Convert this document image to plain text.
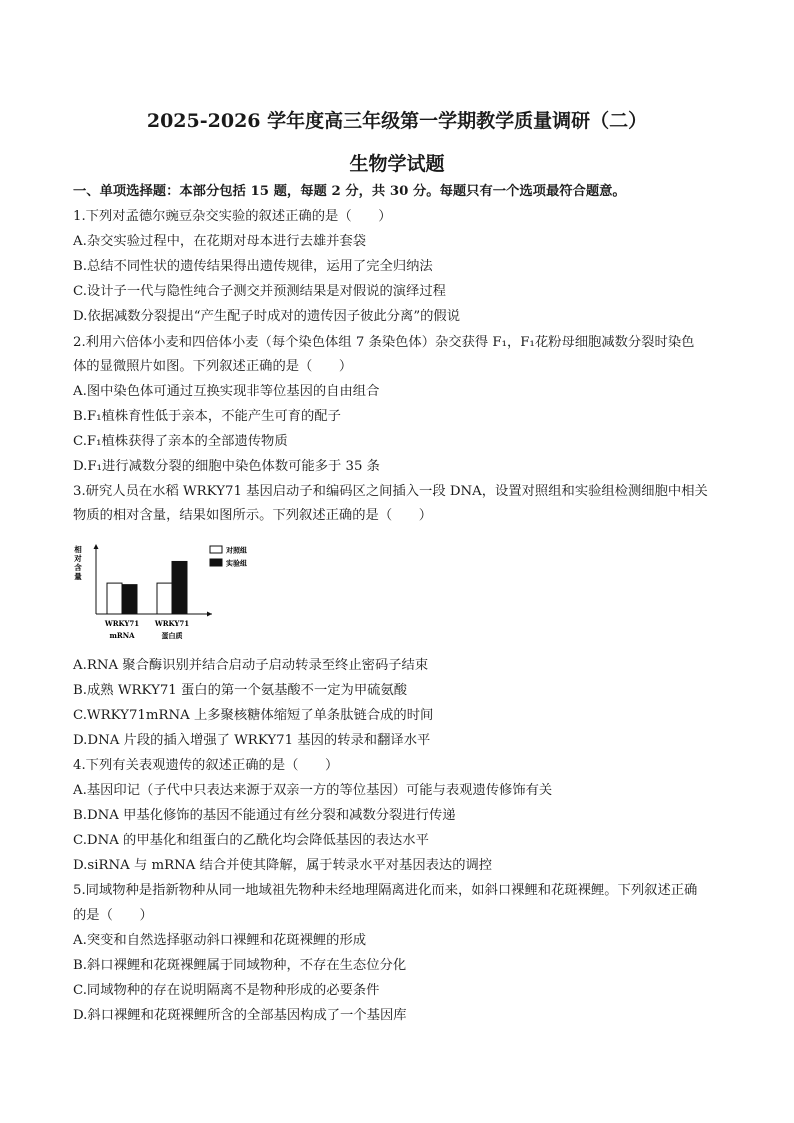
2025-2026 学年度高三年级第一学期教学质量调研（二）
生物学试题
一、单项选择题：本部分包括 15 题，每题 2 分，共 30 分。每题只有一个选项最符合题意。
1.下列对孟德尔豌豆杂交实验的叙述正确的是（　　）
A.杂交实验过程中，在花期对母本进行去雄并套袋
B.总结不同性状的遗传结果得出遗传规律，运用了完全归纳法
C.设计子一代与隐性纯合子测交并预测结果是对假说的演绎过程
D.依据减数分裂提出“产生配子时成对的遗传因子彼此分离”的假说
2.利用六倍体小麦和四倍体小麦（每个染色体组 7 条染色体）杂交获得 F₁，F₁花粉母细胞减数分裂时染色
体的显微照片如图。下列叙述正确的是（　　）
A.图中染色体可通过互换实现非等位基因的自由组合
B.F₁植株育性低于亲本，不能产生可育的配子
C.F₁植株获得了亲本的全部遗传物质
D.F₁进行减数分裂的细胞中染色体数可能多于 35 条
3.研究人员在水稻 WRKY71 基因启动子和编码区之间插入一段 DNA，设置对照组和实验组检测细胞中相关
物质的相对含量，结果如图所示。下列叙述正确的是（　　）
相
对
含
量
WRKY71
mRNA
WRKY71
蛋白质
对照组
实验组
A.RNA 聚合酶识别并结合启动子启动转录至终止密码子结束
B.成熟 WRKY71 蛋白的第一个氨基酸不一定为甲硫氨酸
C.WRKY71mRNA 上多聚核糖体缩短了单条肽链合成的时间
D.DNA 片段的插入增强了 WRKY71 基因的转录和翻译水平
4.下列有关表观遗传的叙述正确的是（　　）
A.基因印记（子代中只表达来源于双亲一方的等位基因）可能与表观遗传修饰有关
B.DNA 甲基化修饰的基因不能通过有丝分裂和减数分裂进行传递
C.DNA 的甲基化和组蛋白的乙酰化均会降低基因的表达水平
D.siRNA 与 mRNA 结合并使其降解，属于转录水平对基因表达的调控
5.同域物种是指新物种从同一地域祖先物种未经地理隔离进化而来，如斜口裸鲤和花斑裸鲤。下列叙述正确
的是（　　）
A.突变和自然选择驱动斜口裸鲤和花斑裸鲤的形成
B.斜口裸鲤和花斑裸鲤属于同域物种，不存在生态位分化
C.同域物种的存在说明隔离不是物种形成的必要条件
D.斜口裸鲤和花斑裸鲤所含的全部基因构成了一个基因库
